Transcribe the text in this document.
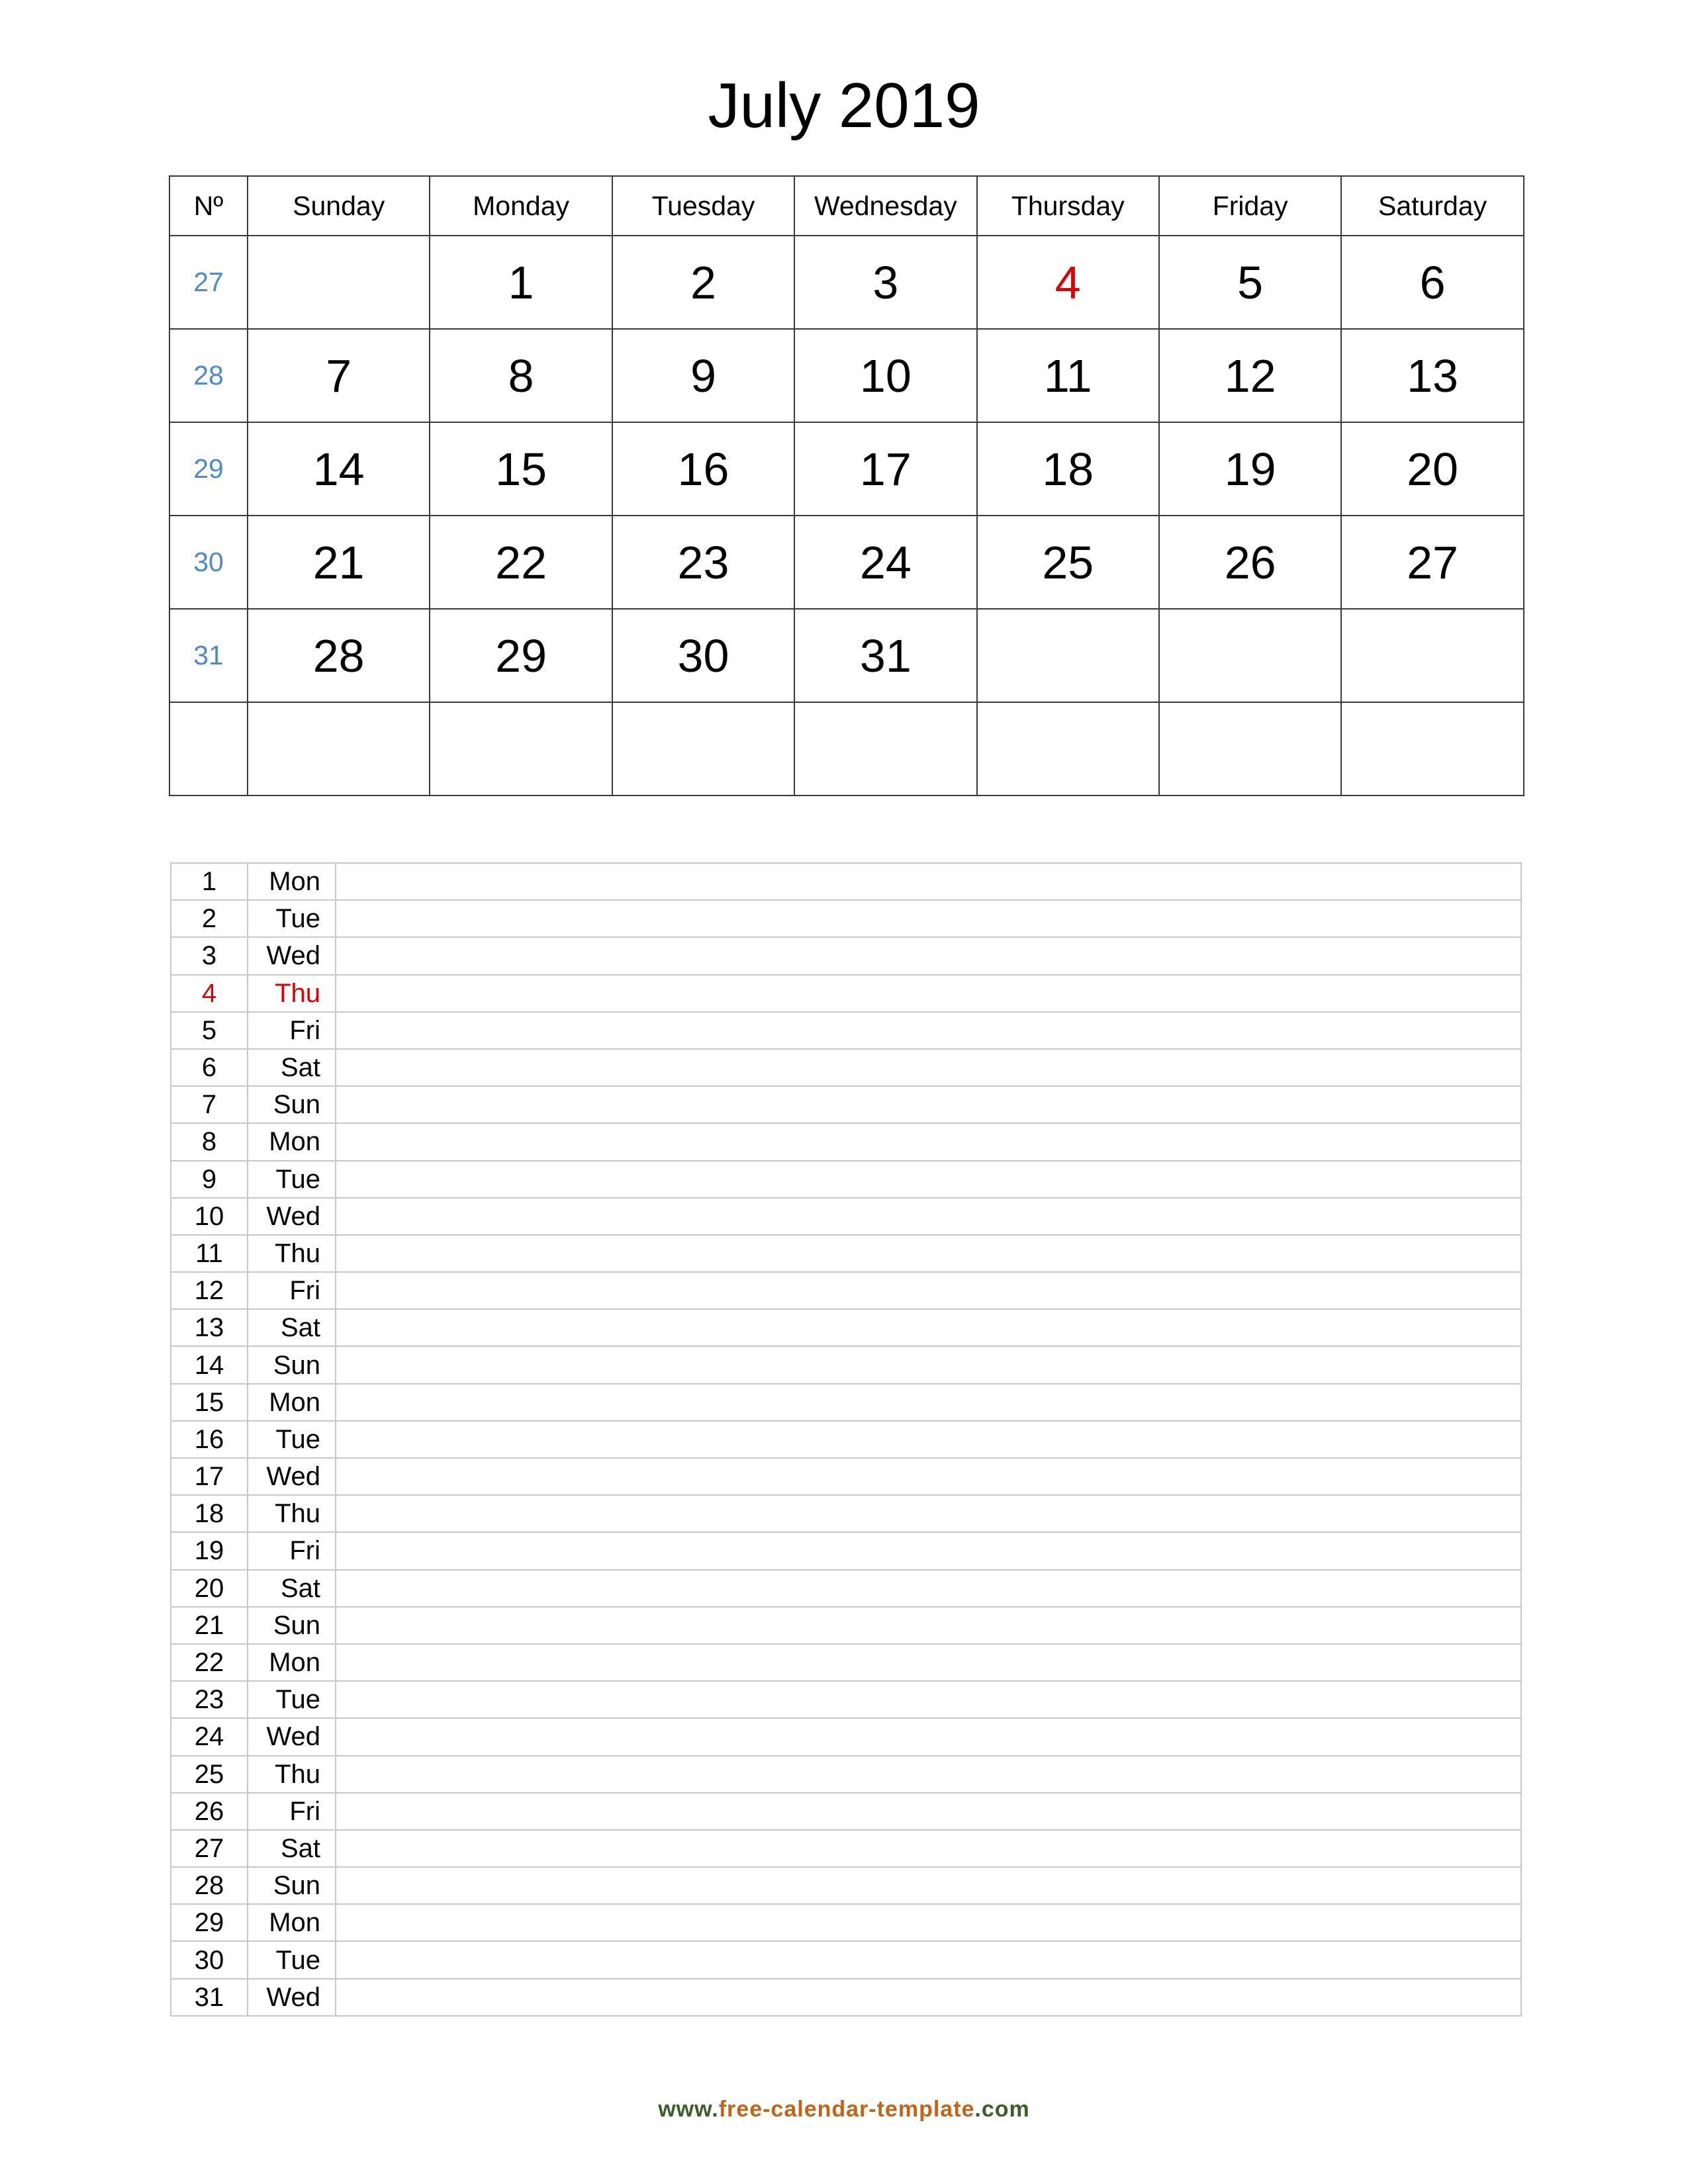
July 2019
Nº	Sunday	Monday	Tuesday	Wednesday	Thursday	Friday	Saturday
27		1	2	3	4	5	6
28	7	8	9	10	11	12	13
29	14	15	16	17	18	19	20
30	21	22	23	24	25	26	27
31	28	29	30	31			

1	Mon	
2	Tue	
3	Wed	
4	Thu	
5	Fri	
6	Sat	
7	Sun	
8	Mon	
9	Tue	
10	Wed	
11	Thu	
12	Fri	
13	Sat	
14	Sun	
15	Mon	
16	Tue	
17	Wed	
18	Thu	
19	Fri	
20	Sat	
21	Sun	
22	Mon	
23	Tue	
24	Wed	
25	Thu	
26	Fri	
27	Sat	
28	Sun	
29	Mon	
30	Tue	
31	Wed	
www.free-calendar-template.com
